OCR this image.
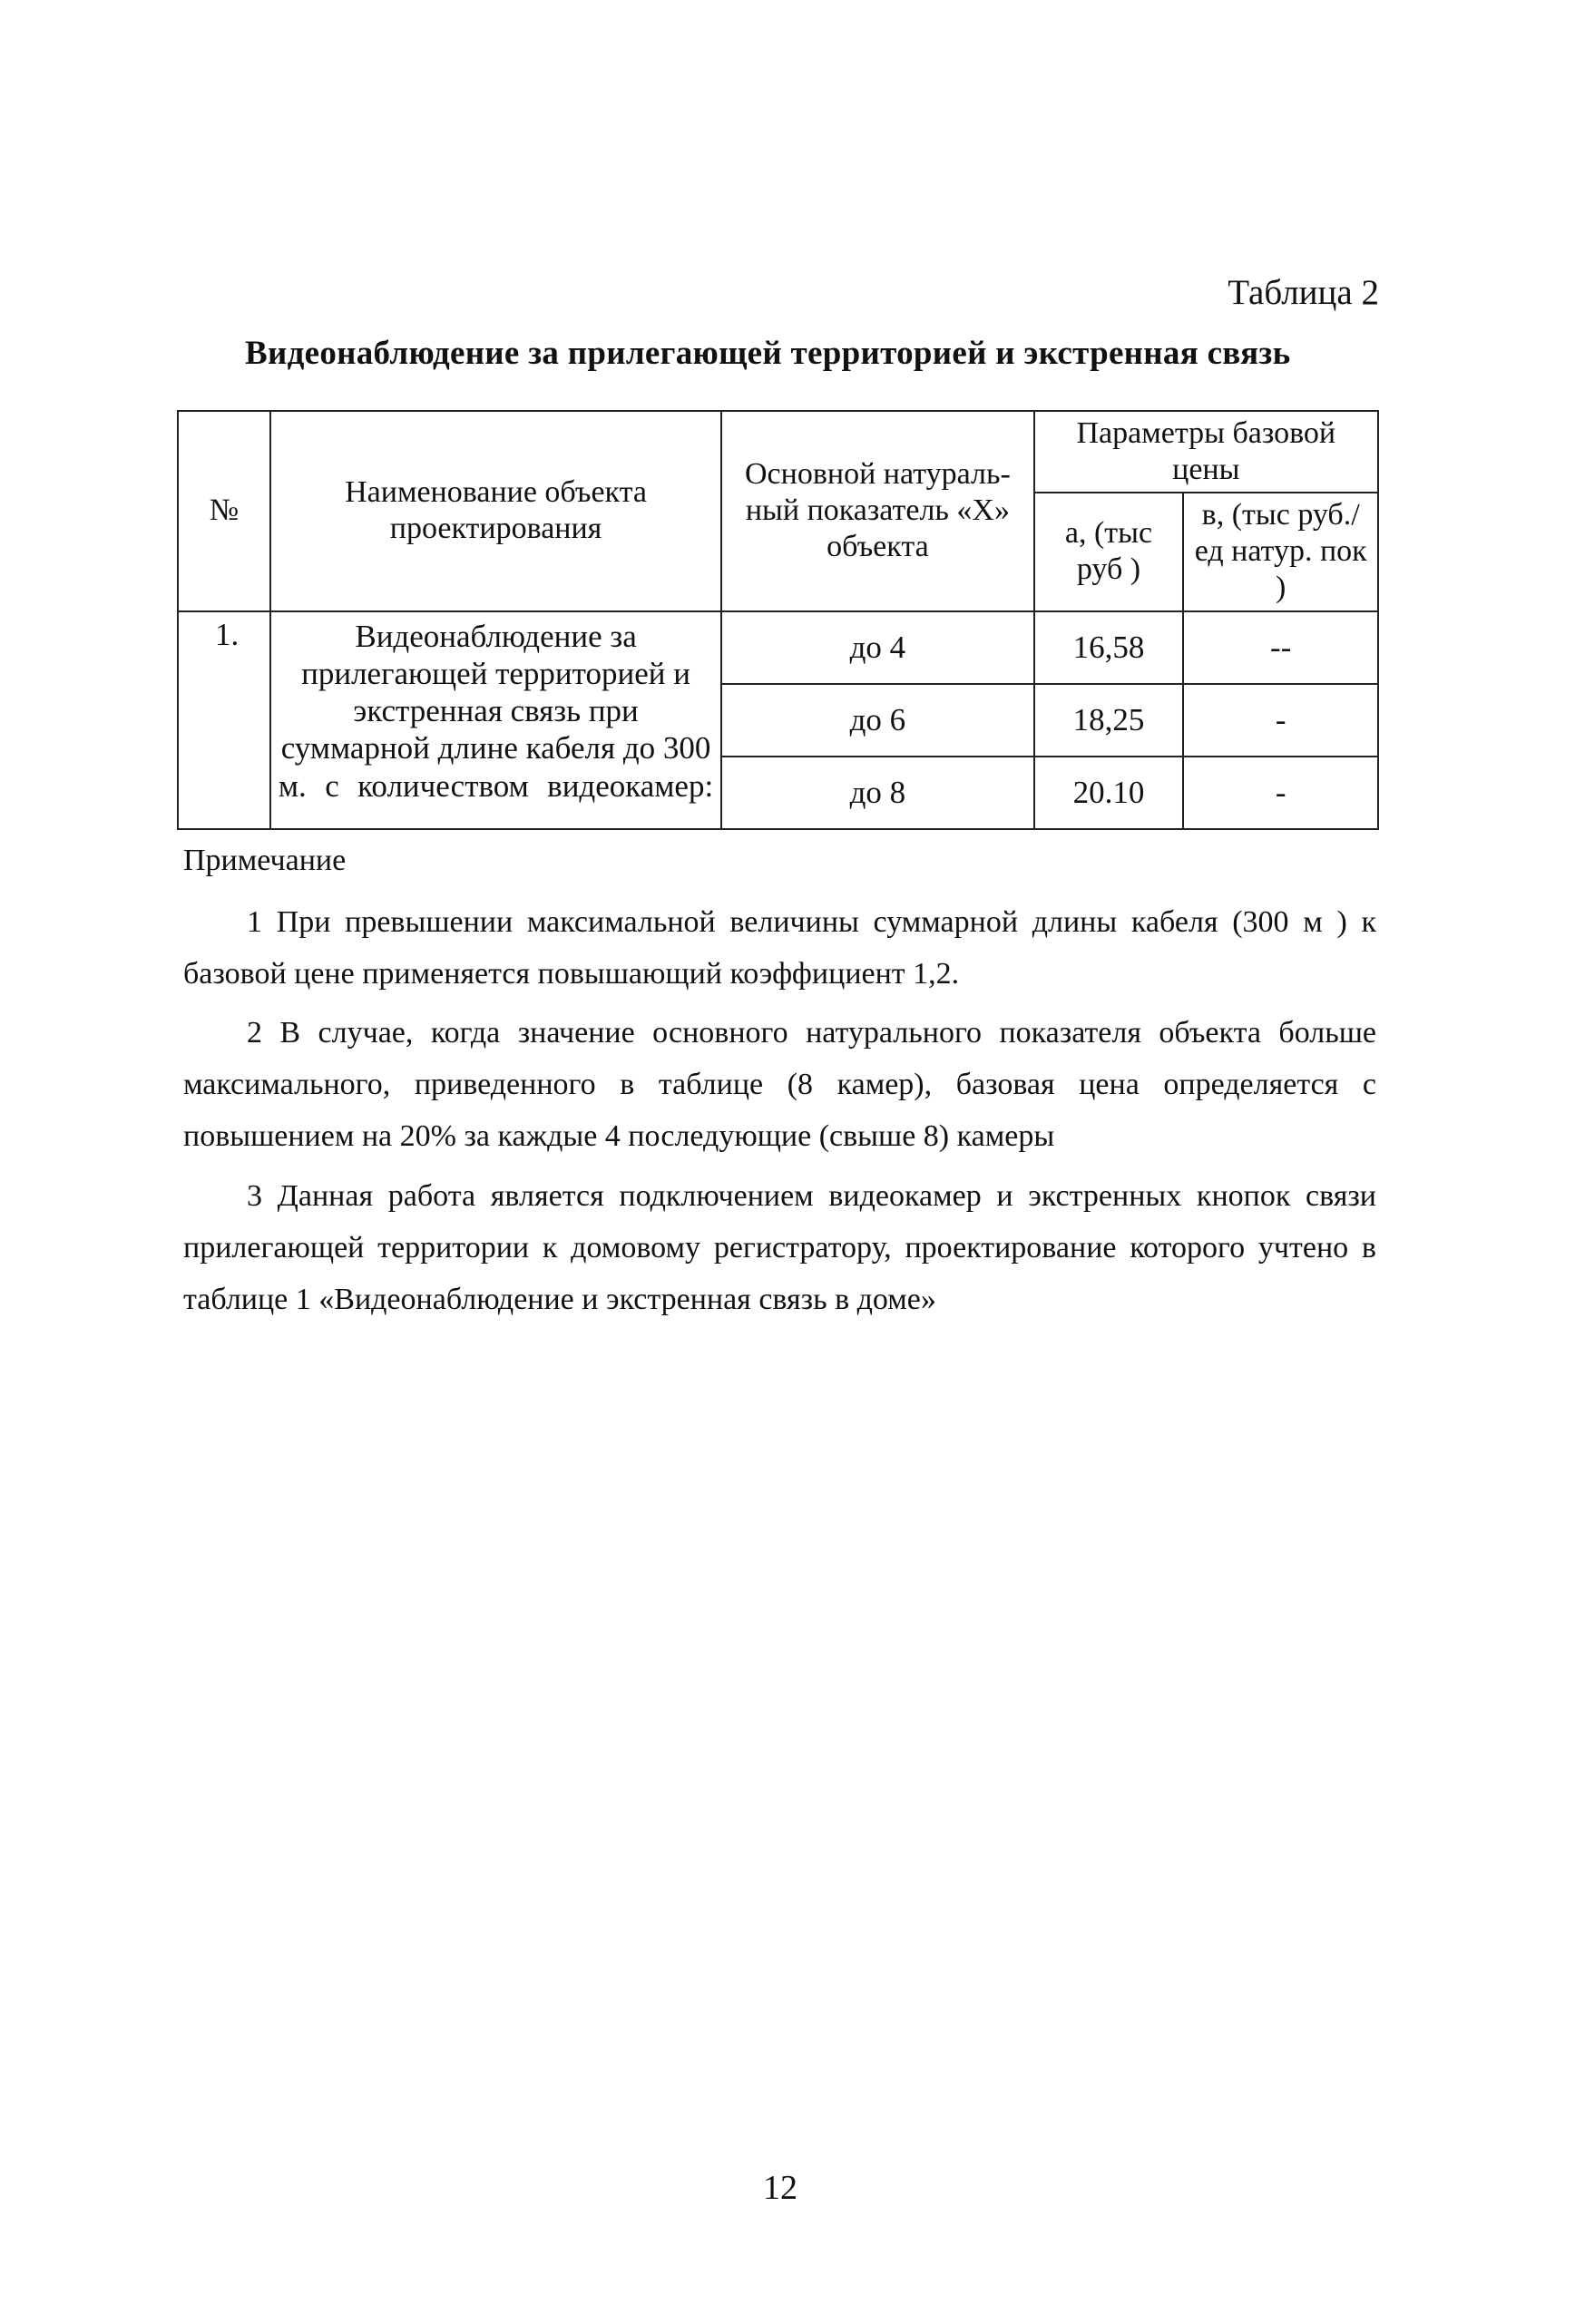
Таблица 2
Видеонаблюдение за прилегающей территорией и экстренная связь
№	Наименование объекта проектирования	Основной натураль-ный показатель «X» объекта	Параметры базовой цены	
			а, (тыс руб )	в, (тыс руб./ед натур. пок )
1.	Видеонаблюдение за прилегающей территорией и экстренная связь при суммарной длине кабеля до 300 м. с количеством видеокамер:	до 4	16,58	--
		до 6	18,25	-
		до 8	20.10	-
Примечание

1 При превышении максимальной величины суммарной длины кабеля (300 м ) к базовой цене применяется повышающий коэффициент 1,2.

2 В случае, когда значение основного натурального показателя объекта больше максимального, приведенного в таблице (8 камер), базовая цена определяется с повышением на 20% за каждые 4 последующие (свыше 8) камеры

3 Данная работа является подключением видеокамер и экстренных кнопок связи прилегающей территории к домовому регистратору, проектирование которого учтено в таблице 1 «Видеонаблюдение и экстренная связь в доме»

12
